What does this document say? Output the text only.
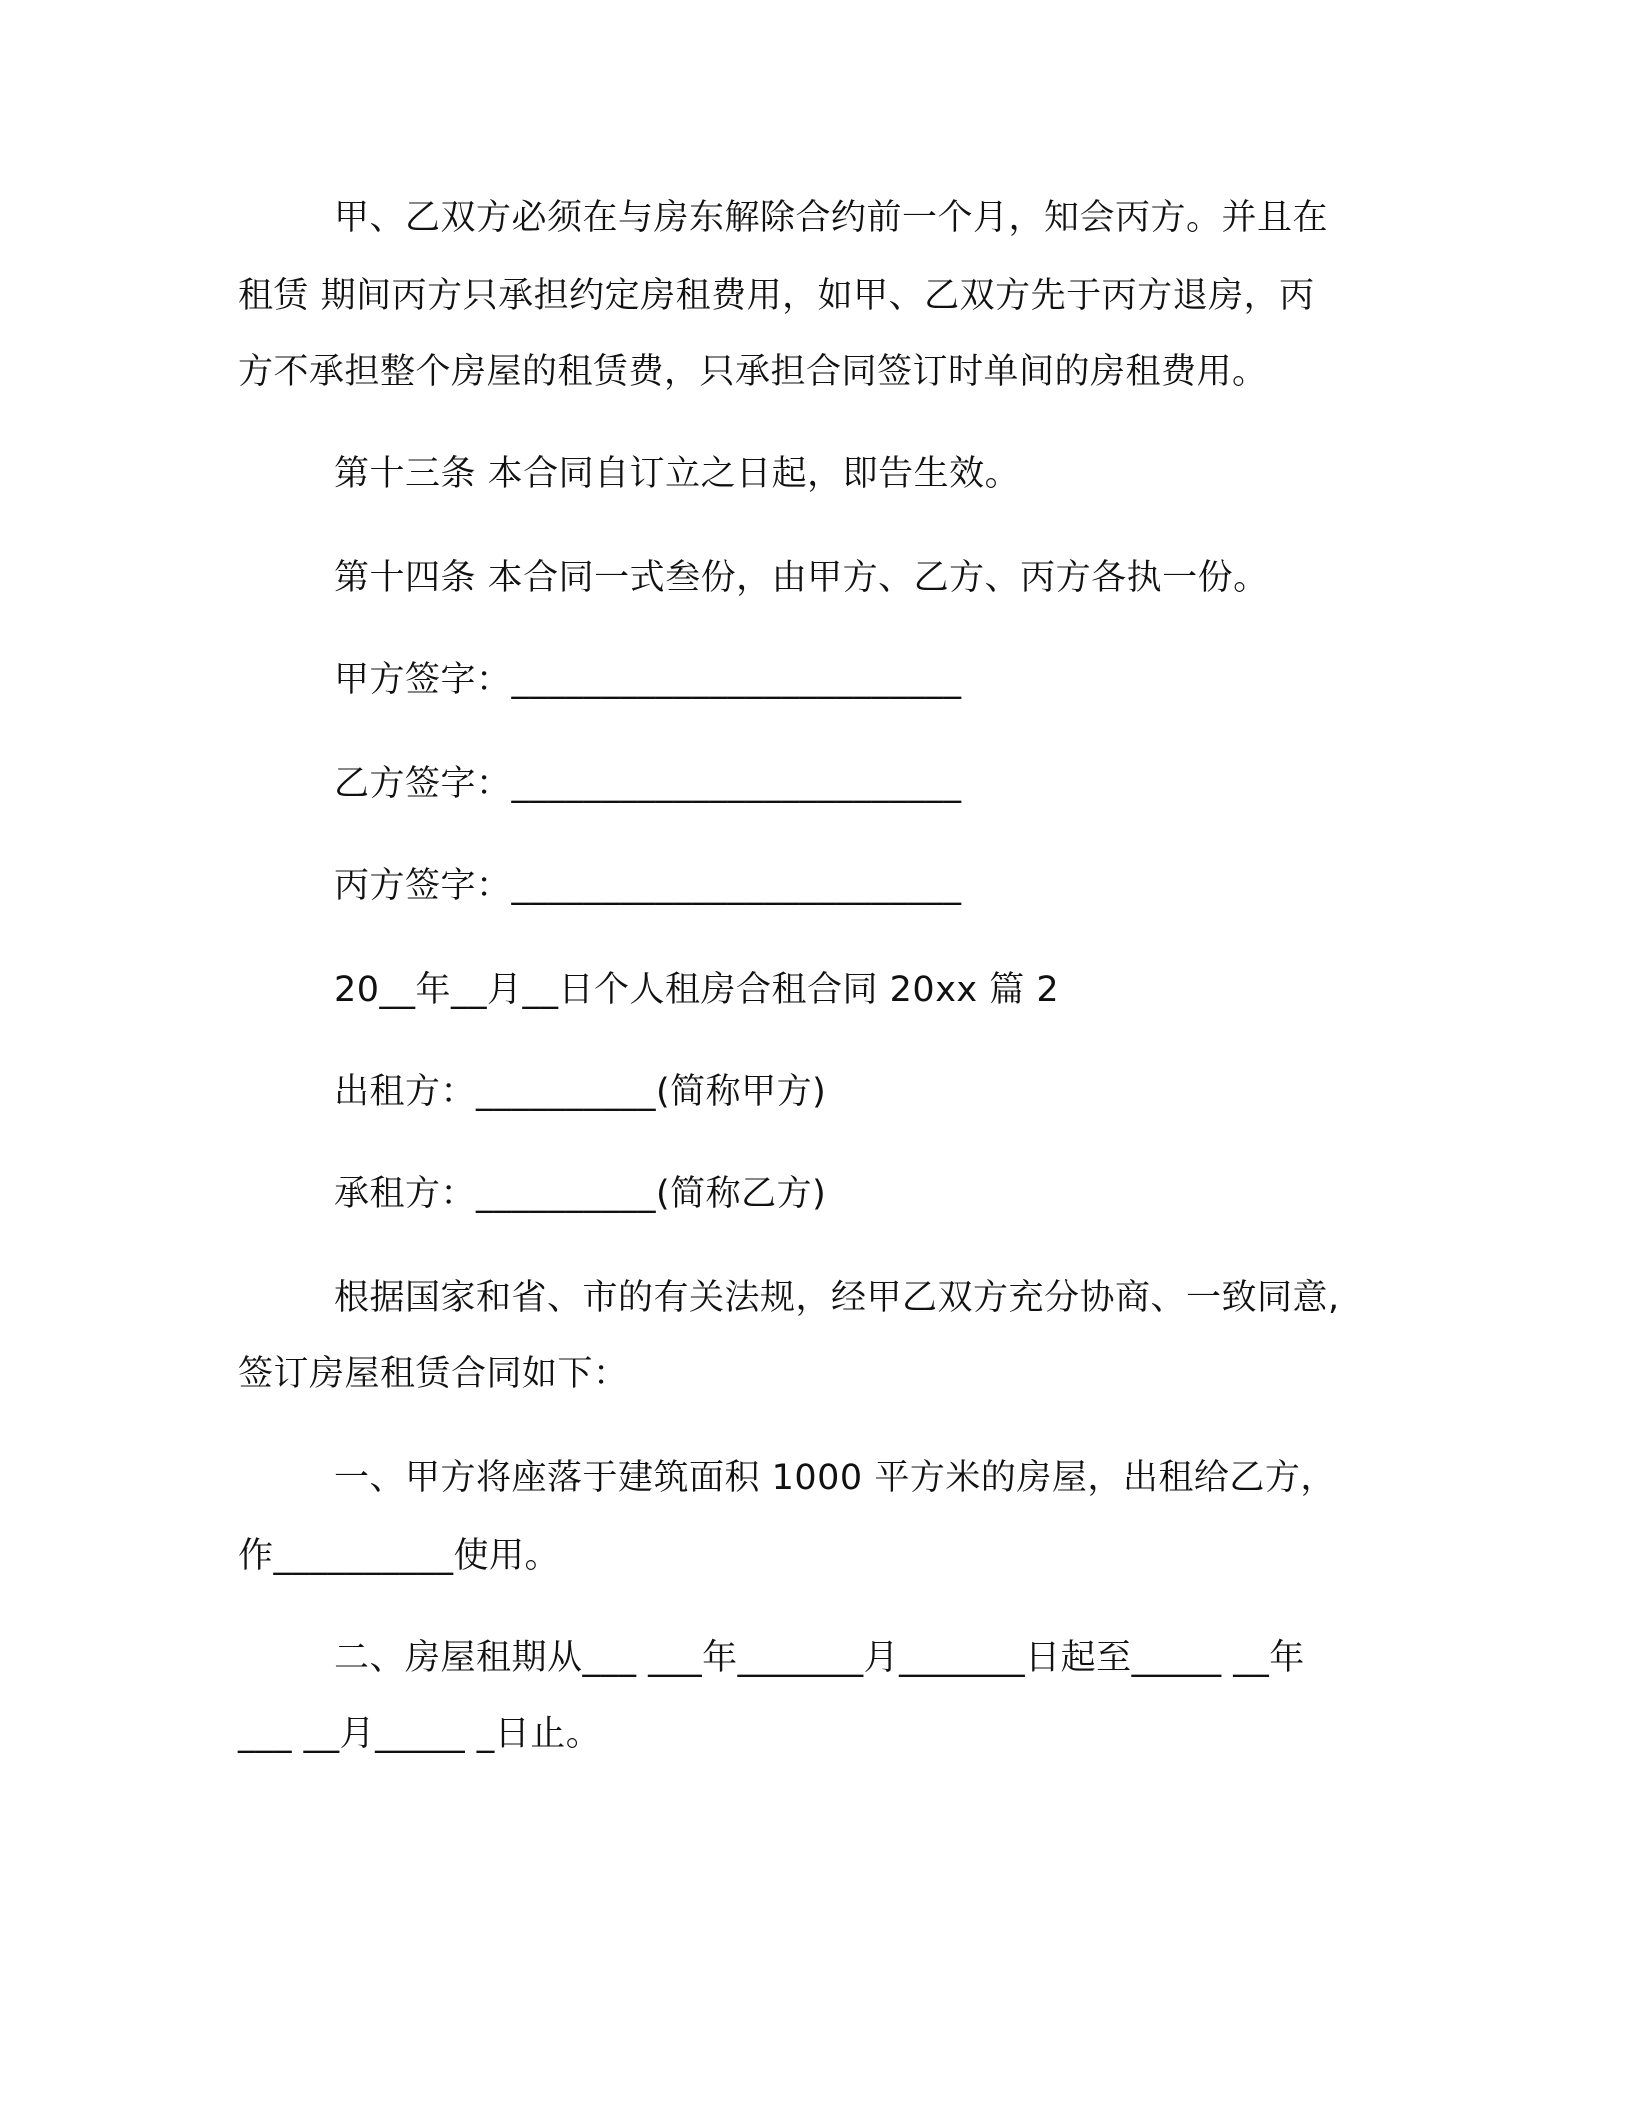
甲、乙双方必须在与房东解除合约前一个月，知会丙方。并且在
租赁 期间丙方只承担约定房租费用，如甲、乙双方先于丙方退房，丙
方不承担整个房屋的租赁费，只承担合同签订时单间的房租费用。
第十三条 本合同自订立之日起，即告生效。
第十四条 本合同一式叁份，由甲方、乙方、丙方各执一份。
甲方签字：_________________________
乙方签字：_________________________
丙方签字：_________________________
20__年__月__日个人租房合租合同 20xx 篇 2
出租方：__________(简称甲方)
承租方：__________(简称乙方)
根据国家和省、市的有关法规，经甲乙双方充分协商、一致同意,
签订房屋租赁合同如下：
一、甲方将座落于建筑面积 1000 平方米的房屋，出租给乙方，
作__________使用。
二、房屋租期从___ ___年_______月_______日起至_____ __年
___ __月_____ _日止。
